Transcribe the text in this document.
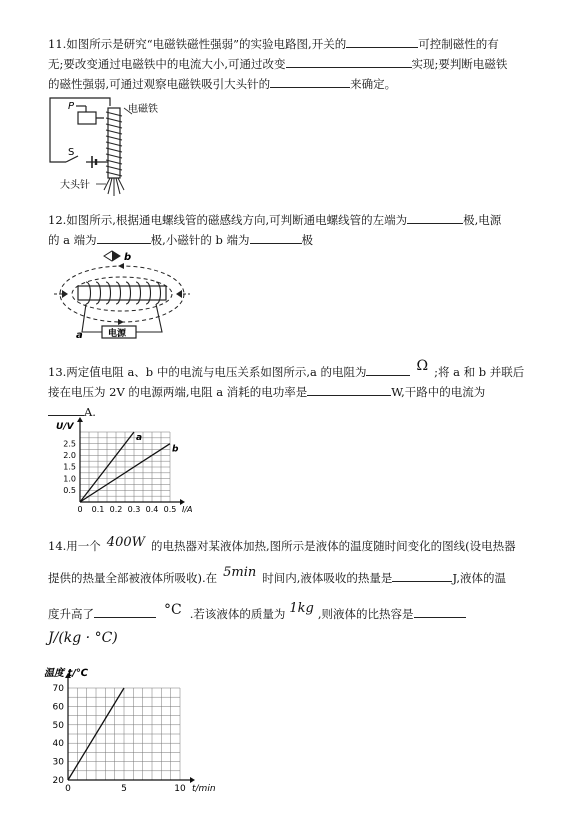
11.如图所示是研究“电磁铁磁性强弱”的实验电路图,开关的	可控制磁性的有
无;要改变通过电磁铁中的电流大小,可通过改变	实现;要判断电磁铁
的磁性强弱,可通过观察电磁铁吸引大头针的	来确定。
P	电磁铁
S
大头针
12.如图所示,根据通电螺线管的磁感线方向,可判断通电螺线管的左端为	极,电源
的 a 端为	极,小磁针的 b 端为	极
b
电源
a
13.两定值电阻 a、b 中的电流与电压关系如图所示,a 的电阻为	Ω ;将 a 和 b 并联后
接在电压为 2V 的电源两端,电阻 a 消耗的电功率是	W,干路中的电流为
A.
0 0.1 0.2 0.3 0.4 0.5
0.5
1.0
1.5
2.0
2.5
I/A
U/V
a
b
14.用一个 400W 的电热器对某液体加热,图所示是液体的温度随时间变化的图线(设电热器
提供的热量全部被液体所吸收).在 5min 时间内,液体吸收的热量是	J,液体的温
度升高了	°C .若该液体的质量为 1kg ,则液体的比热容是
J/(kg · °C)
0	5	10
20
30
40
50
60
70
t/min
温度 t/℃
